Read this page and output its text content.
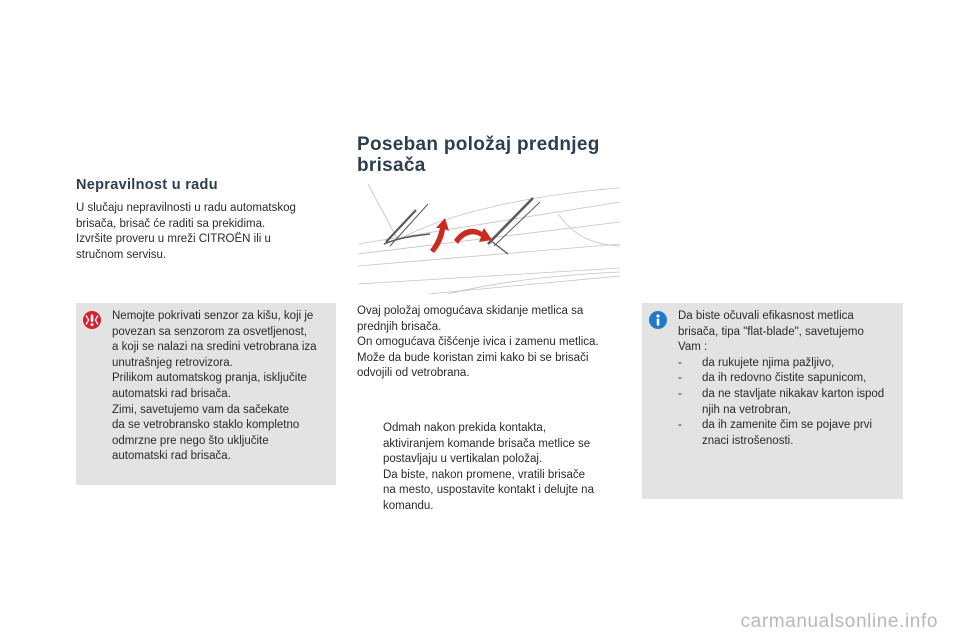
Nepravilnost u radu
U slučaju nepravilnosti u radu automatskog
brisača, brisač će raditi sa prekidima.
Izvršite proveru u mreži CITROËN ili u
stručnom servisu.
Nemojte pokrivati senzor za kišu, koji je
povezan sa senzorom za osvetljenost,
a koji se nalazi na sredini vetrobrana iza
unutrašnjeg retrovizora.
Prilikom automatskog pranja, isključite
automatski rad brisača.
Zimi, savetujemo vam da sačekate
da se vetrobransko staklo kompletno
odmrzne pre nego što uključite
automatski rad brisača.
Poseban položaj prednjeg
brisača
Ovaj položaj omogućava skidanje metlica sa
prednjih brisača.
On omogućava čišćenje ivica i zamenu metlica.
Može da bude koristan zimi kako bi se brisači
odvojili od vetrobrana.
Odmah nakon prekida kontakta,
aktiviranjem komande brisača metlice se
postavljaju u vertikalan položaj.
Da biste, nakon promene, vratili brisače
na mesto, uspostavite kontakt i delujte na
komandu.
Da biste očuvali efikasnost metlica
brisača, tipa "flat-blade", savetujemo
Vam :
-	da rukujete njima pažljivo,
-	da ih redovno čistite sapunicom,
-	da ne stavljate nikakav karton ispod
njih na vetrobran,
-	da ih zamenite čim se pojave prvi
znaci istrošenosti.
carmanualsonline.info
